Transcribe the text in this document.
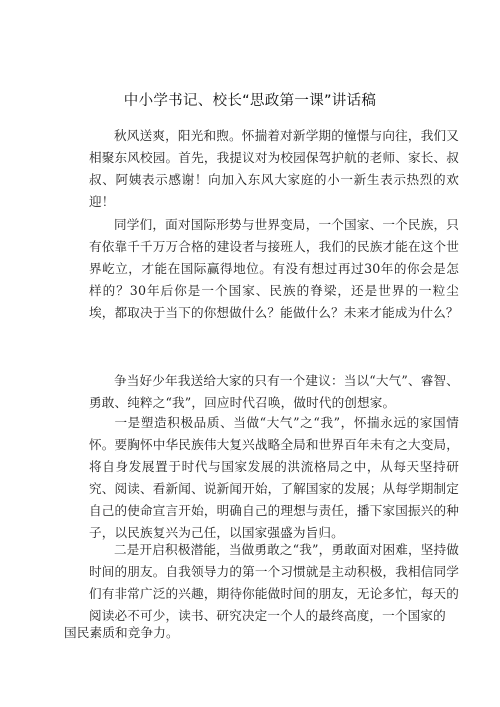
中小学书记、校长“思政第一课”讲话稿
秋风送爽，阳光和煦。怀揣着对新学期的憧憬与向往，我们又相聚东风校园。首先，我提议对为校园保驾护航的老师、家长、叔叔、阿姨表示感谢！向加入东风大家庭的小一新生表示热烈的欢迎！
同学们，面对国际形势与世界变局，一个国家、一个民族，只有依靠千千万万合格的建设者与接班人，我们的民族才能在这个世界屹立，才能在国际赢得地位。有没有想过再过30年的你会是怎样的？30年后你是一个国家、民族的脊梁，还是世界的一粒尘埃，都取决于当下的你想做什么？能做什么？未来才能成为什么？
争当好少年我送给大家的只有一个建议：当以“大气”、睿智、勇敢、纯粹之“我”，回应时代召唤，做时代的创想家。
一是塑造积极品质、当做“大气”之“我”，怀揣永远的家国情怀。要胸怀中华民族伟大复兴战略全局和世界百年未有之大变局，将自身发展置于时代与国家发展的洪流格局之中，从每天坚持研究、阅读、看新闻、说新闻开始，了解国家的发展；从每学期制定自己的使命宣言开始，明确自己的理想与责任，播下家国振兴的种子，以民族复兴为己任，以国家强盛为旨归。
二是开启积极潜能，当做勇敢之“我”，勇敢面对困难，坚持做时间的朋友。自我领导力的第一个习惯就是主动积极，我相信同学们有非常广泛的兴趣，期待你能做时间的朋友，无论多忙，每天的阅读必不可少，读书、研究决定一个人的最终高度，一个国家的
国民素质和竞争力。
